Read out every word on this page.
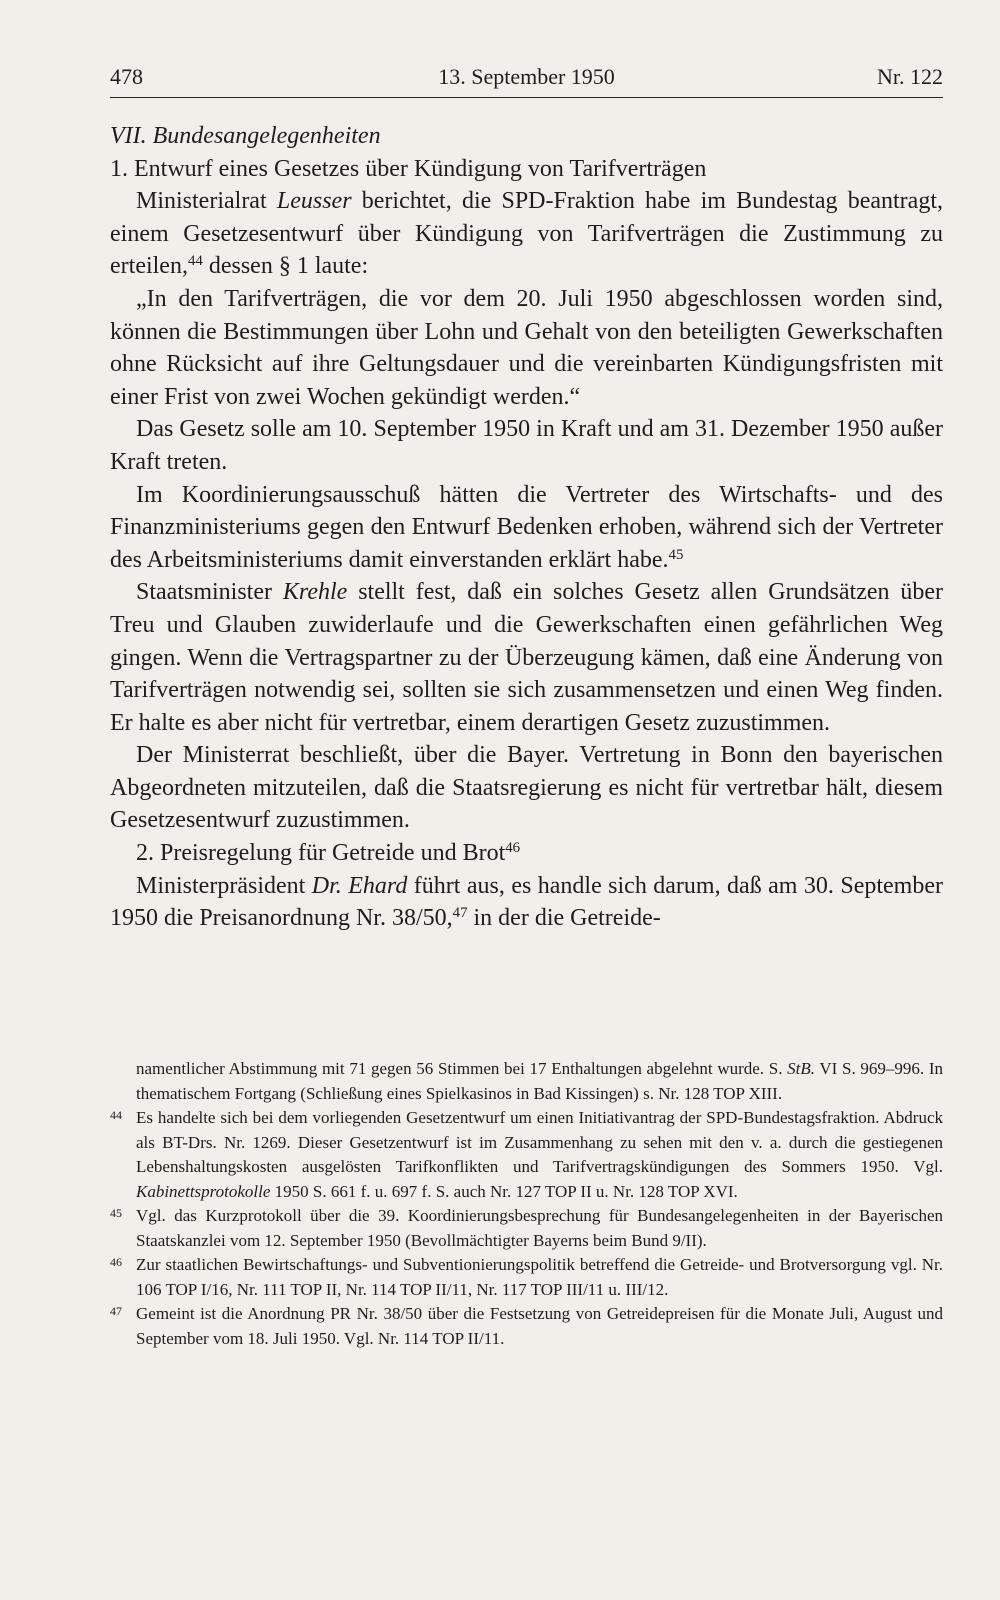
478	13. September 1950	Nr. 122

VII. Bundesangelegenheiten

1. Entwurf eines Gesetzes über Kündigung von Tarifverträgen

Ministerialrat Leusser berichtet, die SPD-Fraktion habe im Bundestag beantragt, einem Gesetzesentwurf über Kündigung von Tarifverträgen die Zustimmung zu erteilen,$^{44}$ dessen § 1 laute:

„In den Tarifverträgen, die vor dem 20. Juli 1950 abgeschlossen worden sind, können die Bestimmungen über Lohn und Gehalt von den beteiligten Gewerkschaften ohne Rücksicht auf ihre Geltungsdauer und die vereinbarten Kündigungsfristen mit einer Frist von zwei Wochen gekündigt werden.“

Das Gesetz solle am 10. September 1950 in Kraft und am 31. Dezember 1950 außer Kraft treten.

Im Koordinierungsausschuß hätten die Vertreter des Wirtschafts- und des Finanzministeriums gegen den Entwurf Bedenken erhoben, während sich der Vertreter des Arbeitsministeriums damit einverstanden erklärt habe.$^{45}$

Staatsminister Krehle stellt fest, daß ein solches Gesetz allen Grundsätzen über Treu und Glauben zuwiderlaufe und die Gewerkschaften einen gefährlichen Weg gingen. Wenn die Vertragspartner zu der Überzeugung kämen, daß eine Änderung von Tarifverträgen notwendig sei, sollten sie sich zusammensetzen und einen Weg finden. Er halte es aber nicht für vertretbar, einem derartigen Gesetz zuzustimmen.

Der Ministerrat beschließt, über die Bayer. Vertretung in Bonn den bayerischen Abgeordneten mitzuteilen, daß die Staatsregierung es nicht für vertretbar hält, diesem Gesetzesentwurf zuzustimmen.

2. Preisregelung für Getreide und Brot$^{46}$

Ministerpräsident Dr. Ehard führt aus, es handle sich darum, daß am 30. September 1950 die Preisanordnung Nr. 38/50,47 in der die Getreide-

namentlicher Abstimmung mit 71 gegen 56 Stimmen bei 17 Enthaltungen abgelehnt wurde. S. StB. VI S. 969–996. In thematischem Fortgang (Schließung eines Spielkasinos in Bad Kissingen) s. Nr. 128 TOP XIII.

44 Es handelte sich bei dem vorliegenden Gesetzentwurf um einen Initiativantrag der SPD-Bundestagsfraktion. Abdruck als BT-Drs. Nr. 1269. Dieser Gesetzentwurf ist im Zusammenhang zu sehen mit den v. a. durch die gestiegenen Lebenshaltungskosten ausgelösten Tarifkonflikten und Tarifvertragskündigungen des Sommers 1950. Vgl. Kabinettsprotokolle 1950 S. 661 f. u. 697 f. S. auch Nr. 127 TOP II u. Nr. 128 TOP XVI.
45 Vgl. das Kurzprotokoll über die 39. Koordinierungsbesprechung für Bundesangelegenheiten in der Bayerischen Staatskanzlei vom 12. September 1950 (Bevollmächtigter Bayerns beim Bund 9/II).
46 Zur staatlichen Bewirtschaftungs- und Subventionierungspolitik betreffend die Getreide- und Brotversorgung vgl. Nr. 106 TOP I/16, Nr. 111 TOP II, Nr. 114 TOP II/11, Nr. 117 TOP III/11 u. III/12.
47 Gemeint ist die Anordnung PR Nr. 38/50 über die Festsetzung von Getreidepreisen für die Monate Juli, August und September vom 18. Juli 1950. Vgl. Nr. 114 TOP II/11.
